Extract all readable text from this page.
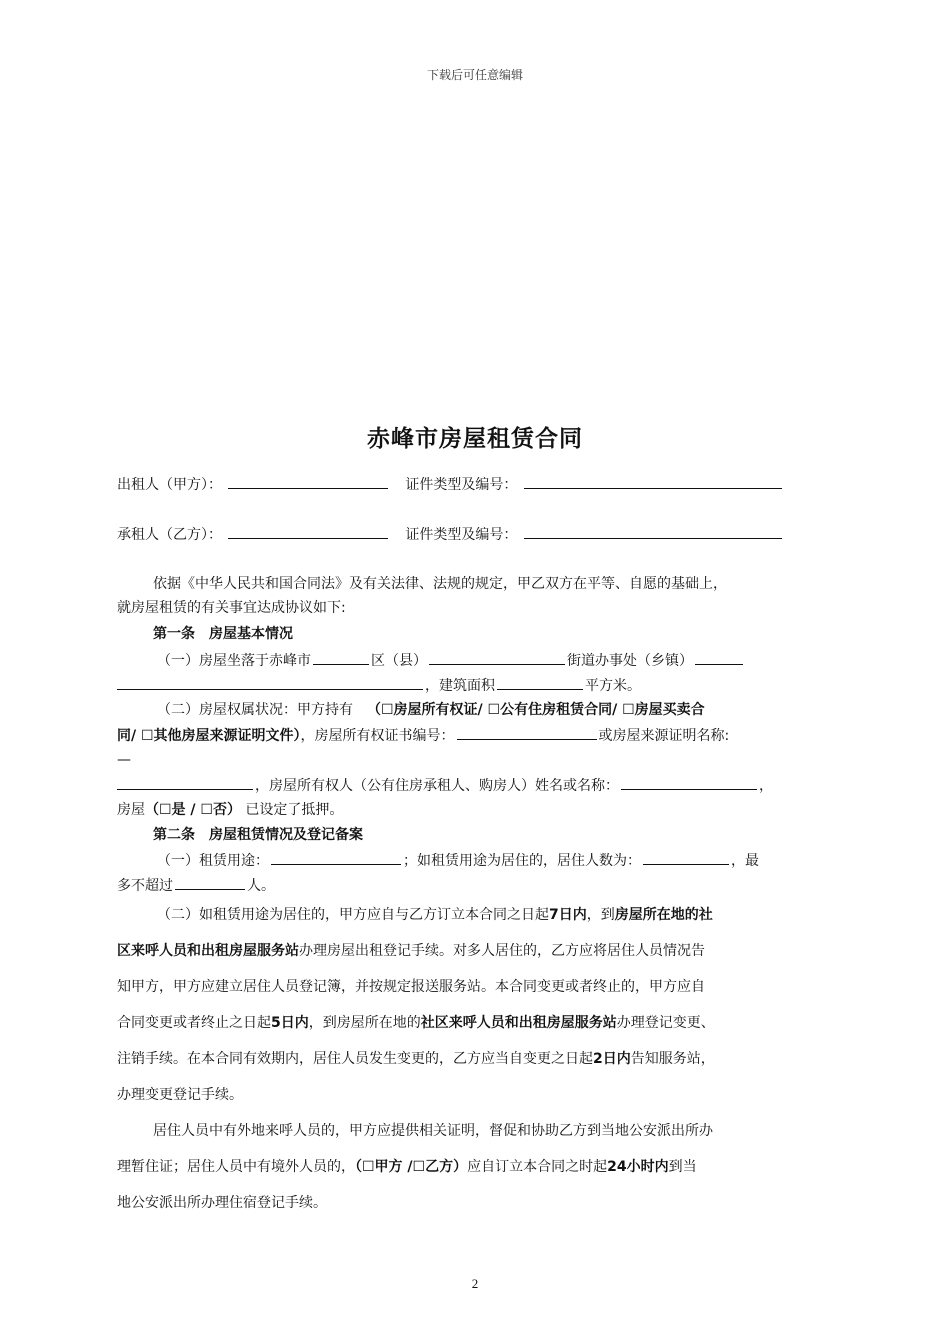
下载后可任意编辑
赤峰市房屋租赁合同
出租人（甲方）：	证件类型及编号：
承租人（乙方）：	证件类型及编号：
依据《中华人民共和国合同法》及有关法律、法规的规定，甲乙双方在平等、自愿的基础上，
就房屋租赁的有关事宜达成协议如下:
第一条　房屋基本情况
（一）房屋坐落于赤峰市	区（县）	街道办事处（乡镇）
，建筑面积	平方米。
（二）房屋权属状况：甲方持有 （☐房屋所有权证/ ☐公有住房租赁合同/ ☐房屋买卖合
同/ ☐其他房屋来源证明文件），房屋所有权证书编号：	或房屋来源证明名称:
—
，房屋所有权人（公有住房承租人、购房人）姓名或名称：	，
房屋（☐是 / ☐否） 已设定了抵押。
第二条　房屋租赁情况及登记备案
（一）租赁用途：	；如租赁用途为居住的，居住人数为：	，最
多不超过	人。
（二）如租赁用途为居住的，甲方应自与乙方订立本合同之日起7日内，到房屋所在地的社
区来呼人员和出租房屋服务站办理房屋出租登记手续。对多人居住的，乙方应将居住人员情况告
知甲方，甲方应建立居住人员登记簿，并按规定报送服务站。本合同变更或者终止的，甲方应自
合同变更或者终止之日起5日内，到房屋所在地的社区来呼人员和出租房屋服务站办理登记变更、
注销手续。在本合同有效期内，居住人员发生变更的，乙方应当自变更之日起2日内告知服务站，
办理变更登记手续。
居住人员中有外地来呼人员的，甲方应提供相关证明，督促和协助乙方到当地公安派出所办
理暂住证；居住人员中有境外人员的，（☐甲方 /☐乙方）应自订立本合同之时起24小时内到当
地公安派出所办理住宿登记手续。
2
